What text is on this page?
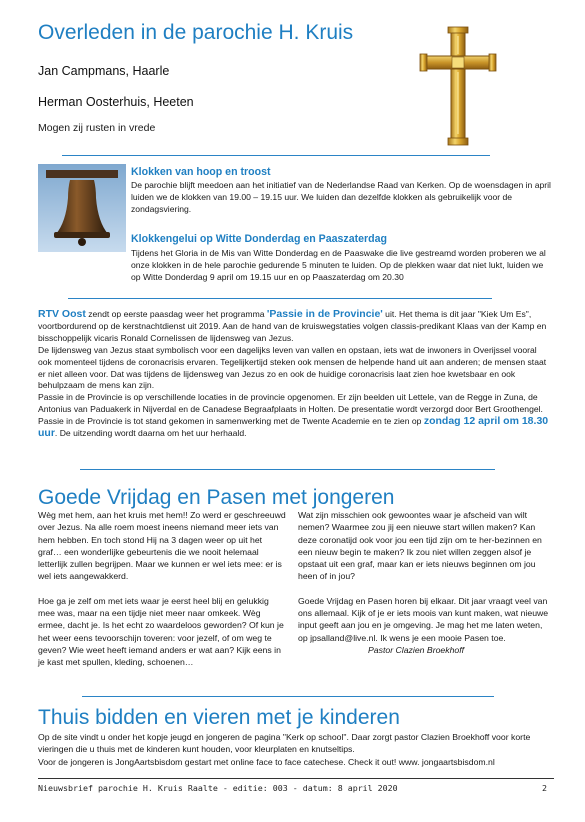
Overleden in de parochie H. Kruis
Jan Campmans, Haarle
Herman Oosterhuis, Heeten
Mogen zij rusten in vrede
Klokken van hoop en troost
De parochie blijft meedoen aan het initiatief van de Nederlandse Raad van Kerken. Op de woensdagen in april luiden we de klokken van 19.00 – 19.15 uur. We luiden dan dezelfde klokken als gebruikelijk voor de zondagsviering.
Klokkengelui op Witte Donderdag en Paaszaterdag
Tijdens het Gloria in de Mis van Witte Donderdag en de Paaswake die live gestreamd worden proberen we al onze klokken in de hele parochie gedurende 5 minuten te luiden. Op de plekken waar dat niet lukt, luiden we op Witte Donderdag 9 april om 19.15 uur en op Paaszaterdag om 20.30

RTV Oost zendt op eerste paasdag weer het programma 'Passie in de Provincie' uit. Het thema is dit jaar "Kiek Um Es", voortbordurend op de kerstnachtdienst uit 2019. Aan de hand van de kruiswegstaties volgen classis-predikant Klaas van der Kamp en bisschoppelijk vicaris Ronald Cornelissen de lijdensweg van Jezus.

De lijdensweg van Jezus staat symbolisch voor een dagelijks leven van vallen en opstaan, iets wat de inwoners in Overijssel vooral ook momenteel tijdens de coronacrisis ervaren. Tegelijkertijd steken ook mensen de helpende hand uit aan anderen; de mensen staat er niet alleen voor. Dat was tijdens de lijdensweg van Jezus zo en ook de huidige coronacrisis laat zien hoe kwetsbaar en ook behulpzaam de mens kan zijn.

Passie in de Provincie is op verschillende locaties in de provincie opgenomen. Er zijn beelden uit Lettele, van de Regge in Zuna, de Antonius van Paduakerk in Nijverdal en de Canadese Begraafplaats in Holten. De presentatie wordt verzorgd door Bert Groothengel. Passie in de Provincie is tot stand gekomen in samenwerking met de Twente Academie en te zien op zondag 12 april om 18.30 uur. De uitzending wordt daarna om het uur herhaald.

Goede Vrijdag en Pasen met jongeren

Wèg met hem, aan het kruis met hem!! Zo werd er geschreeuwd over Jezus. Na alle roem moest ineens niemand meer iets van hem hebben. En toch stond Hij na 3 dagen weer op uit het graf… een wonderlijke gebeurtenis die we nooit helemaal letterlijk zullen begrijpen. Maar we kunnen er wel iets mee: er is wel iets aangewakkerd.

Hoe ga je zelf om met iets waar je eerst heel blij en gelukkig mee was, maar na een tijdje niet meer naar omkeek. Wèg ermee, dacht je. Is het echt zo waardeloos geworden? Of kun je het weer eens tevoorschijn toveren: voor jezelf, of om weg te geven? Wie weet heeft iemand anders er wat aan? Kijk eens in je kast met spullen, kleding, schoenen…

Wat zijn misschien ook gewoontes waar je afscheid van wilt nemen? Waarmee zou jij een nieuwe start willen maken? Kan deze coronatijd ook voor jou een tijd zijn om te her-bezinnen en een nieuw begin te maken? Ik zou niet willen zeggen alsof je opstaat uit een graf, maar kan er iets nieuws beginnen om jou heen of in jou?

Goede Vrijdag en Pasen horen bij elkaar. Dit jaar vraagt veel van ons allemaal. Kijk of je er iets moois van kunt maken, wat nieuwe input geeft aan jou en je omgeving. Je mag het me laten weten, op jpsalland@live.nl. Ik wens je een mooie Pasen toe.

Pastor Clazien Broekhoff

Thuis bidden en vieren met je kinderen

Op de site vindt u onder het kopje jeugd en jongeren de pagina "Kerk op school". Daar zorgt pastor Clazien Broekhoff voor korte vieringen die u thuis met de kinderen kunt houden, voor kleurplaten en knutseltips.

Voor de jongeren is JongAartsbisdom gestart met online face to face catechese. Check it out! www. jongaartsbisdom.nl

Nieuwsbrief parochie H. Kruis Raalte - editie: 003 - datum: 8 april 2020	2
